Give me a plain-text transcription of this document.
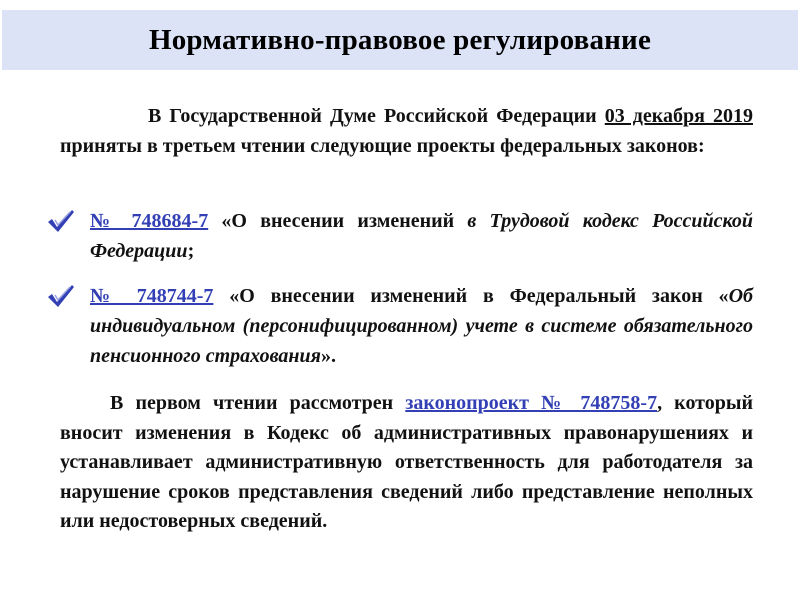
Нормативно-правовое регулирование

В Государственной Думе Российской Федерации 03 декабря 2019 приняты в третьем чтении следующие проекты федеральных законов:

№ 748684-7 «О внесении изменений в Трудовой кодекс Российской Федерации;

№ 748744-7 «О внесении изменений в Федеральный закон «Об индивидуальном (персонифицированном) учете в системе обязательного пенсионного страхования».

В первом чтении рассмотрен законопроект № 748758-7, который вносит изменения в Кодекс об административных правонарушениях и устанавливает административную ответственность для работодателя за нарушение сроков представления сведений либо представление неполных или недостоверных сведений.
